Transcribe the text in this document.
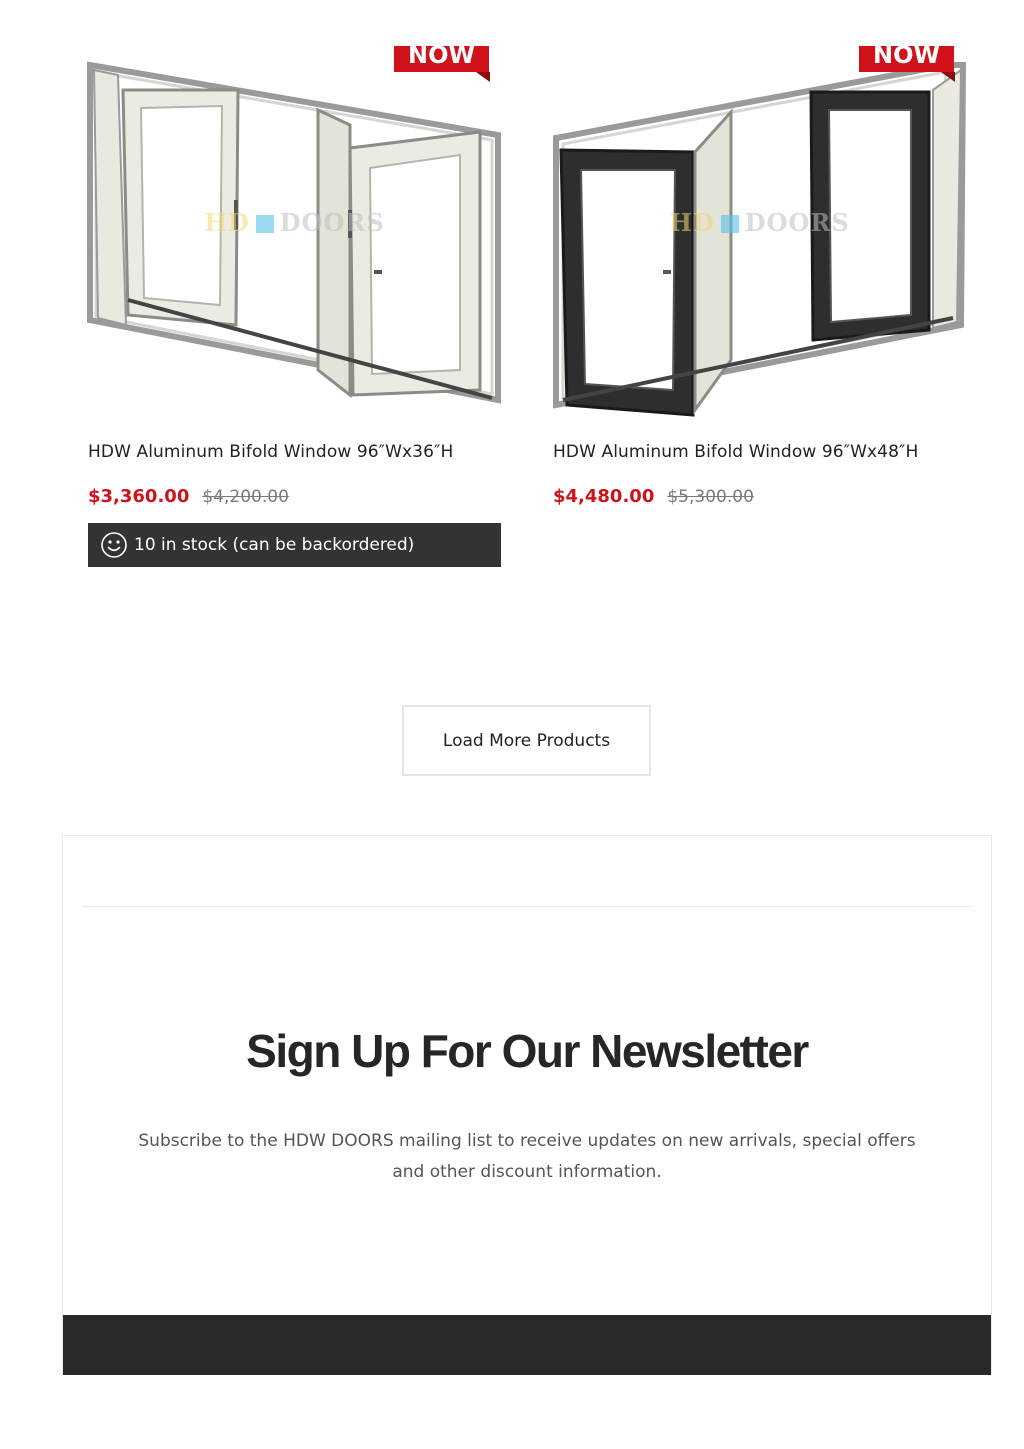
NOW
HD DOORS
HDW Aluminum Bifold Window 96″Wx36″H
$3,360.00 $4,200.00
10 in stock (can be backordered)
NOW
HD DOORS
HDW Aluminum Bifold Window 96″Wx48″H
$4,480.00 $5,300.00
Load More Products
Sign Up For Our Newsletter

Subscribe to the HDW DOORS mailing list to receive updates on new arrivals, special offers and other discount information.
